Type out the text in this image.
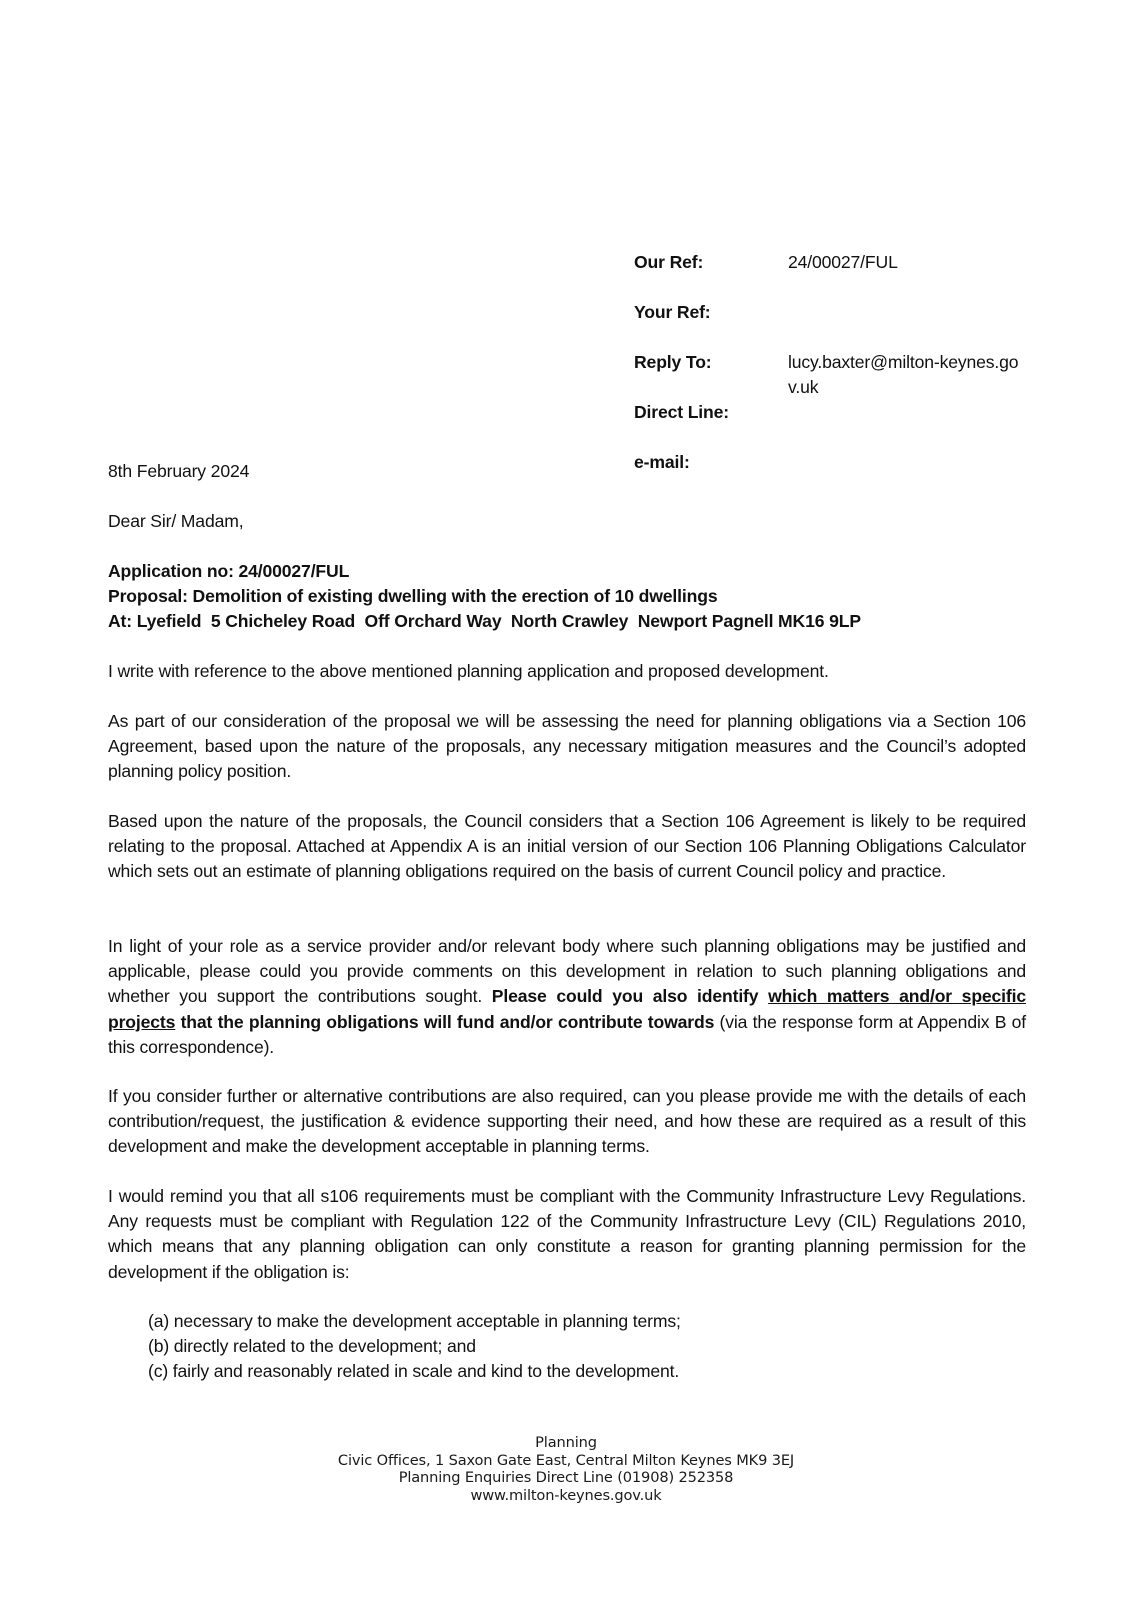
Our Ref:	24/00027/FUL
Your Ref:
Reply To:	lucy.baxter@milton-keynes.gov.uk
Direct Line:
e-mail:
8th February 2024
Dear Sir/ Madam,
Application no: 24/00027/FUL
Proposal: Demolition of existing dwelling with the erection of 10 dwellings
At: Lyefield  5 Chicheley Road  Off Orchard Way  North Crawley  Newport Pagnell MK16 9LP

I write with reference to the above mentioned planning application and proposed development.

As part of our consideration of the proposal we will be assessing the need for planning obligations via a Section 106 Agreement, based upon the nature of the proposals, any necessary mitigation measures and the Council’s adopted planning policy position.

Based upon the nature of the proposals, the Council considers that a Section 106 Agreement is likely to be required relating to the proposal. Attached at Appendix A is an initial version of our Section 106 Planning Obligations Calculator which sets out an estimate of planning obligations required on the basis of current Council policy and practice.

In light of your role as a service provider and/or relevant body where such planning obligations may be justified and applicable, please could you provide comments on this development in relation to such planning obligations and whether you support the contributions sought. Please could you also identify which matters and/or specific projects that the planning obligations will fund and/or contribute towards (via the response form at Appendix B of this correspondence).

If you consider further or alternative contributions are also required, can you please provide me with the details of each contribution/request, the justification & evidence supporting their need, and how these are required as a result of this development and make the development acceptable in planning terms.

I would remind you that all s106 requirements must be compliant with the Community Infrastructure Levy Regulations. Any requests must be compliant with Regulation 122 of the Community Infrastructure Levy (CIL) Regulations 2010, which means that any planning obligation can only constitute a reason for granting planning permission for the development if the obligation is:

(a) necessary to make the development acceptable in planning terms;
(b) directly related to the development; and
(c) fairly and reasonably related in scale and kind to the development.
Planning
Civic Offices, 1 Saxon Gate East, Central Milton Keynes MK9 3EJ
Planning Enquiries Direct Line (01908) 252358
www.milton-keynes.gov.uk
